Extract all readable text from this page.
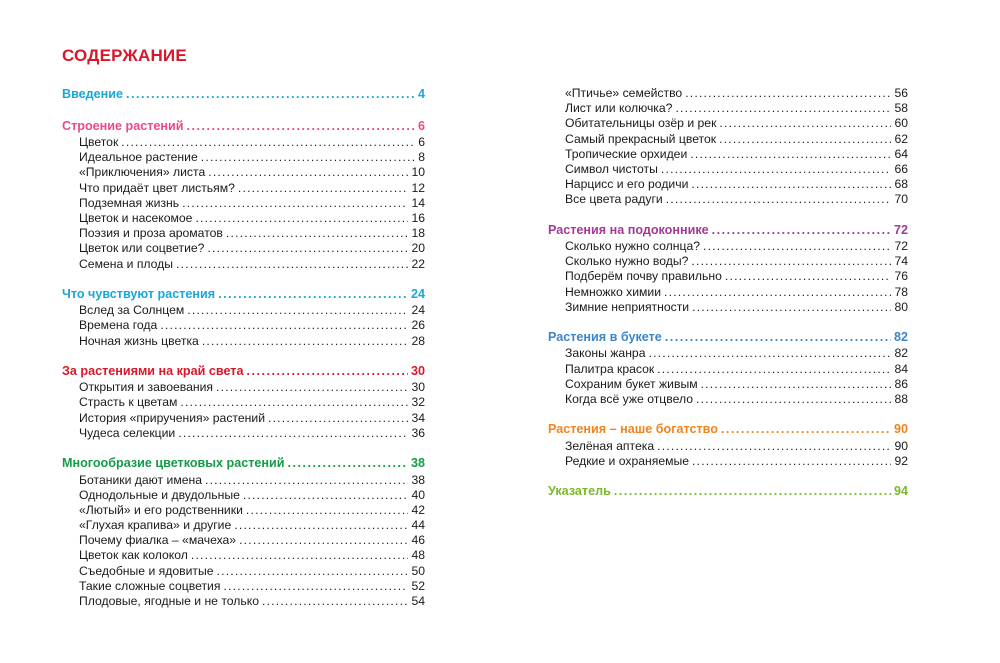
СОДЕРЖАНИЕ
Введение .....	4
Строение растений .....	6
Цветок .....	6
Идеальное растение .....	8
«Приключения» листа .....	10
Что придаёт цвет листьям? .....	12
Подземная жизнь .....	14
Цветок и насекомое .....	16
Поэзия и проза ароматов .....	18
Цветок или соцветие? .....	20
Семена и плоды .....	22
Что чувствуют растения .....	24
Вслед за Солнцем .....	24
Времена года .....	26
Ночная жизнь цветка .....	28
За растениями на край света .....	30
Открытия и завоевания .....	30
Страсть к цветам .....	32
История «приручения» растений .....	34
Чудеса селекции .....	36
Многообразие цветковых растений .....	38
Ботаники дают имена .....	38
Однодольные и двудольные .....	40
«Лютый» и его родственники .....	42
«Глухая крапива» и другие .....	44
Почему фиалка – «мачеха» .....	46
Цветок как колокол .....	48
Съедобные и ядовитые .....	50
Такие сложные соцветия .....	52
Плодовые, ягодные и не только .....	54
«Птичье» семейство .....	56
Лист или колючка? .....	58
Обитательницы озёр и рек .....	60
Самый прекрасный цветок .....	62
Тропические орхидеи .....	64
Символ чистоты .....	66
Нарцисс и его родичи .....	68
Все цвета радуги .....	70
Растения на подоконнике .....	72
Сколько нужно солнца? .....	72
Сколько нужно воды? .....	74
Подберём почву правильно .....	76
Немножко химии .....	78
Зимние неприятности .....	80
Растения в букете .....	82
Законы жанра .....	82
Палитра красок .....	84
Сохраним букет живым .....	86
Когда всё уже отцвело .....	88
Растения – наше богатство .....	90
Зелёная аптека .....	90
Редкие и охраняемые .....	92
Указатель .....	94
